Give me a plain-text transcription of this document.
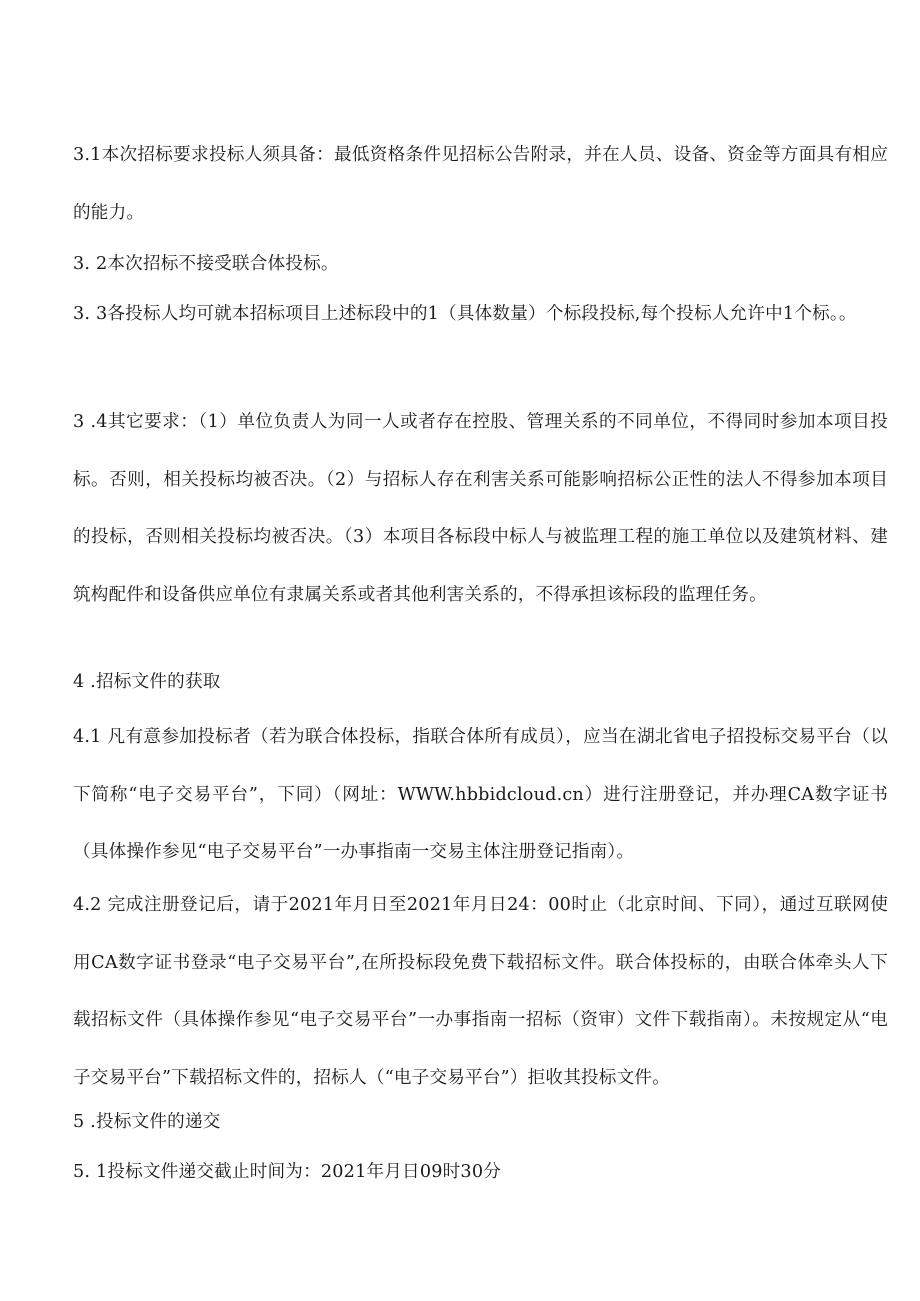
3.1本次招标要求投标人须具备：最低资格条件见招标公告附录，并在人员、设备、资金等方面具有相应的能力。

3. 2本次招标不接受联合体投标。

3. 3各投标人均可就本招标项目上述标段中的1（具体数量）个标段投标,每个投标人允许中1个标。。

3 .4其它要求：（1）单位负责人为同一人或者存在控股、管理关系的不同单位，不得同时参加本项目投标。否则，相关投标均被否决。（2）与招标人存在利害关系可能影响招标公正性的法人不得参加本项目的投标，否则相关投标均被否决。（3）本项目各标段中标人与被监理工程的施工单位以及建筑材料、建筑构配件和设备供应单位有隶属关系或者其他利害关系的，不得承担该标段的监理任务。

4 .招标文件的获取

4.1 凡有意参加投标者（若为联合体投标，指联合体所有成员），应当在湖北省电子招投标交易平台（以下简称“电子交易平台”，下同）（网址：WWW.hbbidcloud.cn）进行注册登记，并办理CA数字证书（具体操作参见“电子交易平台”一办事指南一交易主体注册登记指南）。

4.2 完成注册登记后，请于2021年月日至2021年月日24：00时止（北京时间、下同），通过互联网使用CA数字证书登录“电子交易平台”,在所投标段免费下载招标文件。联合体投标的，由联合体牵头人下载招标文件（具体操作参见“电子交易平台”一办事指南一招标（资审）文件下载指南）。未按规定从“电子交易平台”下载招标文件的，招标人（“电子交易平台”）拒收其投标文件。

5 .投标文件的递交

5. 1投标文件递交截止时间为：2021年月日09时30分
